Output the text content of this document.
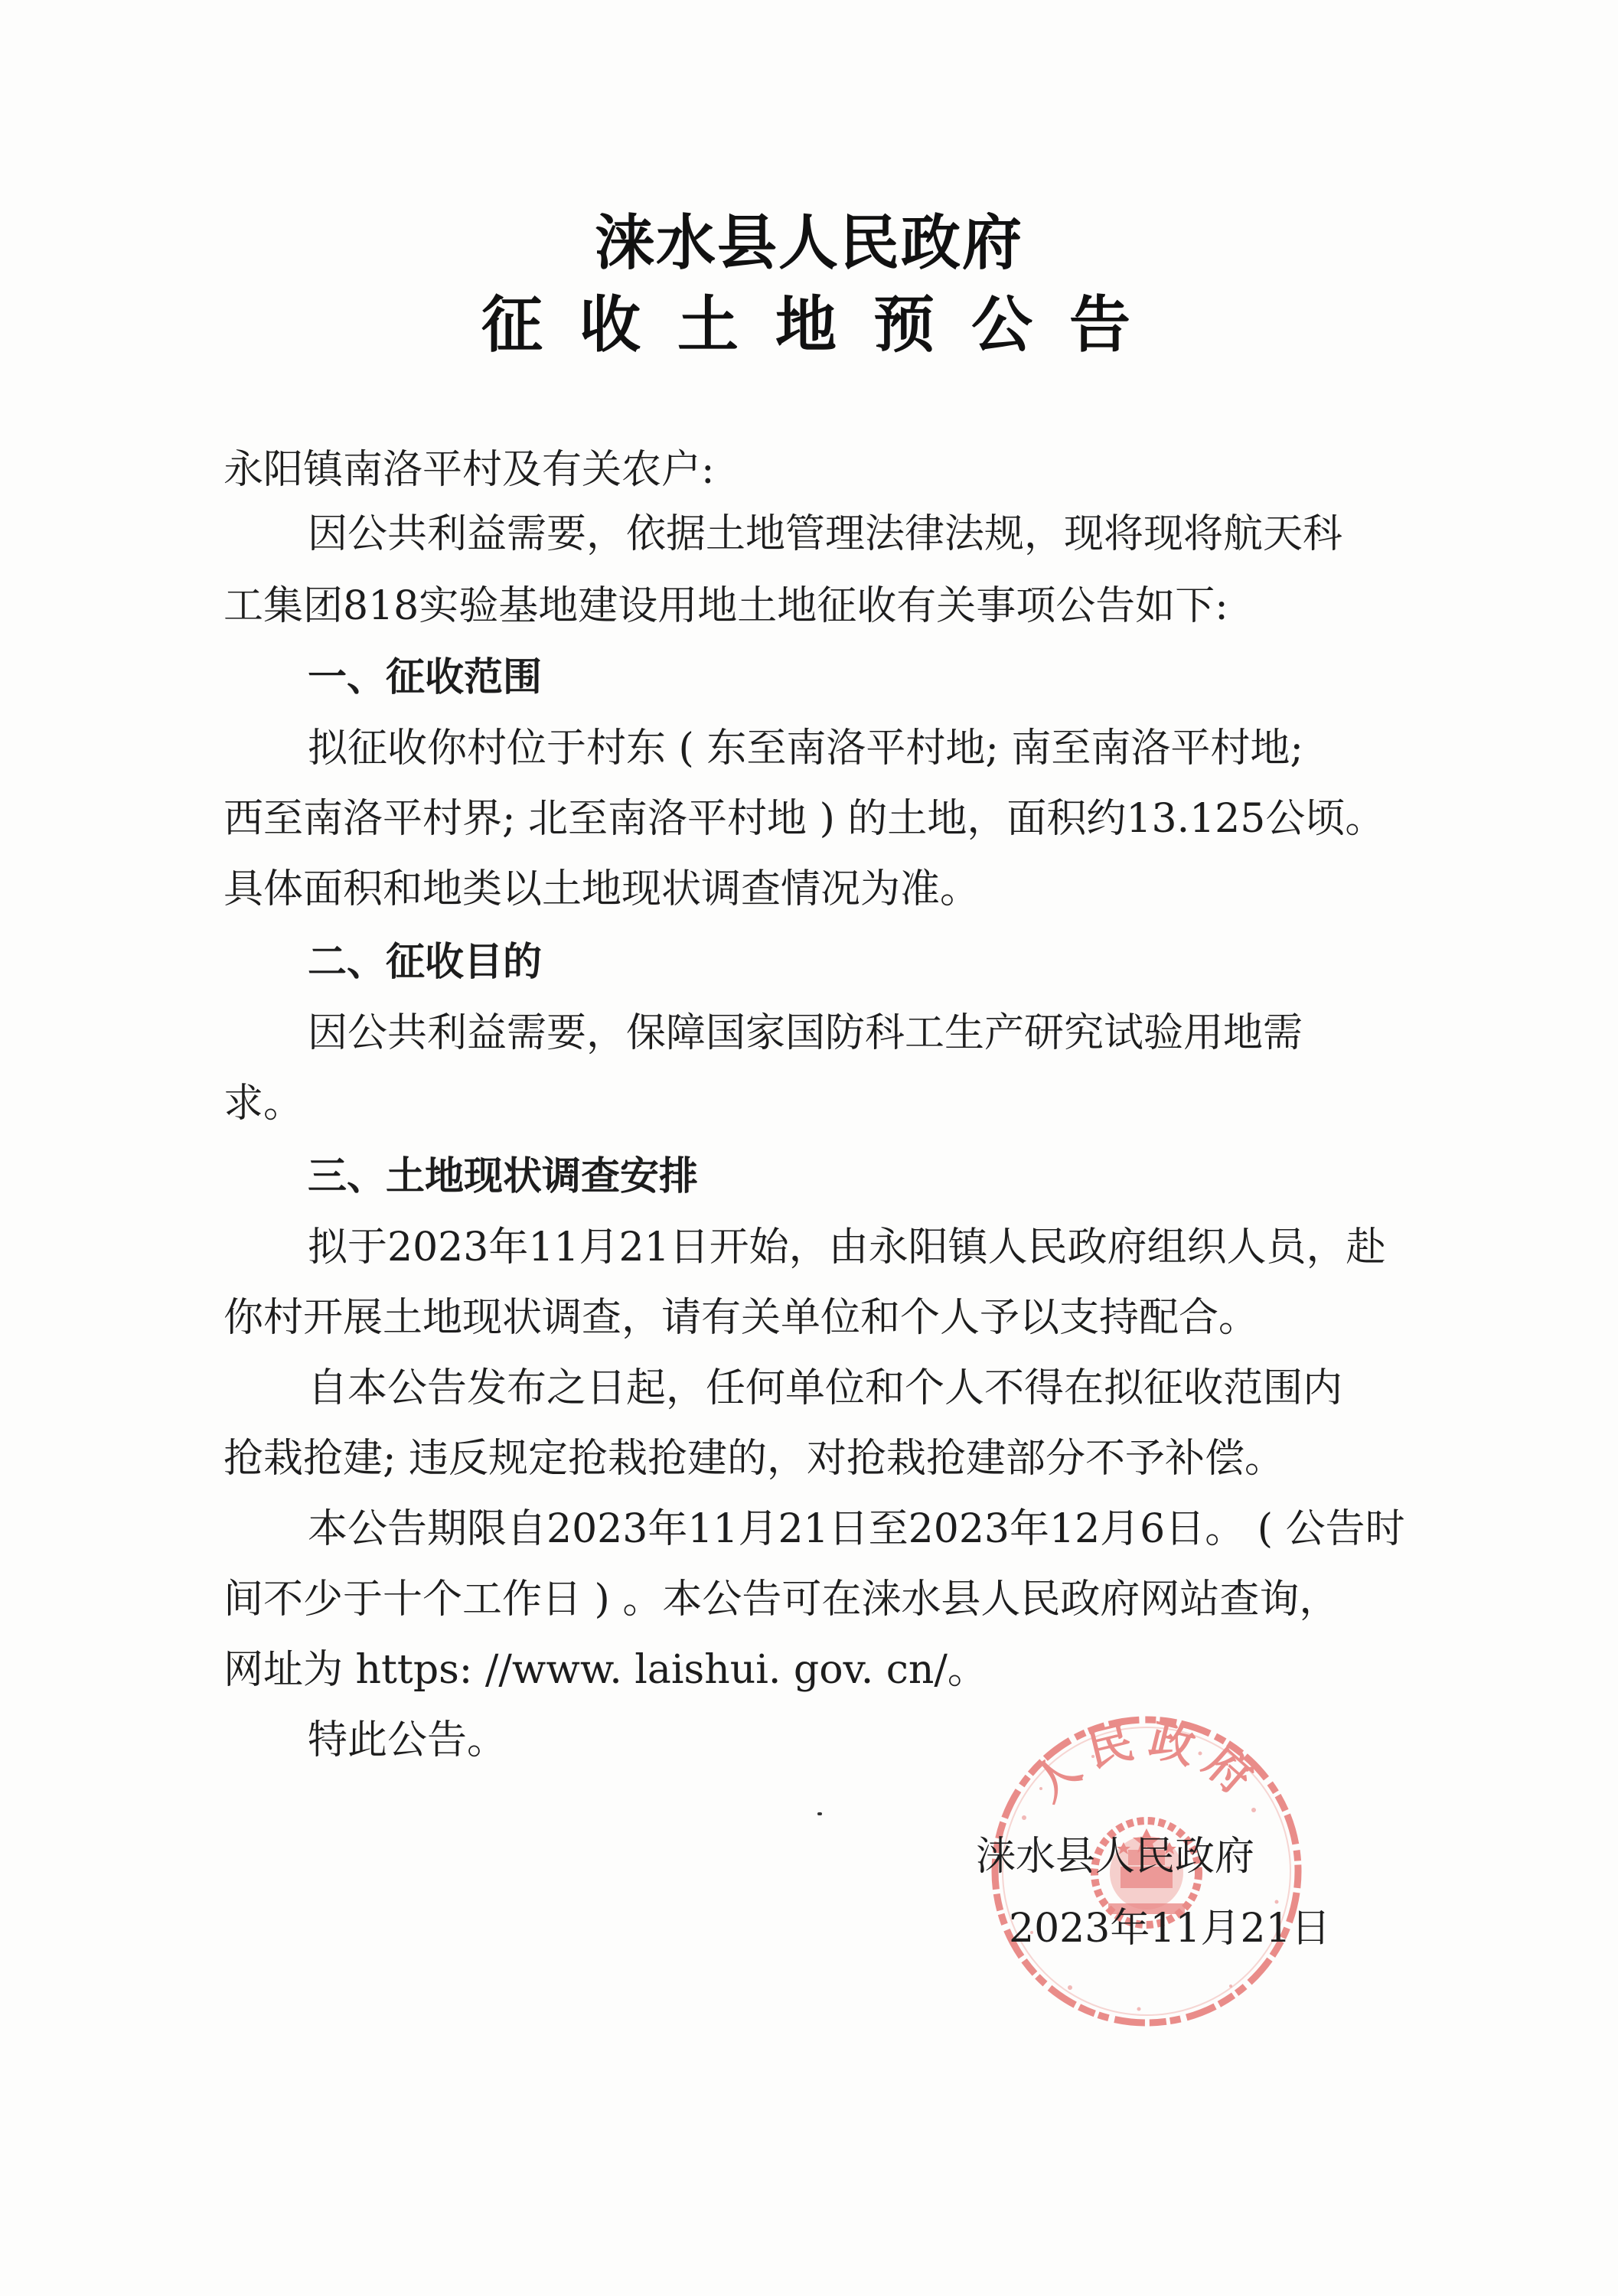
涞水县人民政府
征收土地预公告
永阳镇南洛平村及有关农户:
因公共利益需要，依据土地管理法律法规，现将现将航天科
工集团818实验基地建设用地土地征收有关事项公告如下:
一、征收范围
拟征收你村位于村东 ( 东至南洛平村地; 南至南洛平村地;
西至南洛平村界; 北至南洛平村地 ) 的土地，面积约13.125公顷。
具体面积和地类以土地现状调查情况为准。
二、征收目的
因公共利益需要，保障国家国防科工生产研究试验用地需
求。
三、土地现状调查安排
拟于2023年11月21日开始，由永阳镇人民政府组织人员，赴
你村开展土地现状调查，请有关单位和个人予以支持配合。
自本公告发布之日起，任何单位和个人不得在拟征收范围内
抢栽抢建; 违反规定抢栽抢建的，对抢栽抢建部分不予补偿。
本公告期限自2023年11月21日至2023年12月6日。 ( 公告时
间不少于十个工作日 ) 。本公告可在涞水县人民政府网站查询，
网址为 https: //www. laishui. gov. cn/。
特此公告。	人民政府
涞水县人民政府
2023年11月21日
